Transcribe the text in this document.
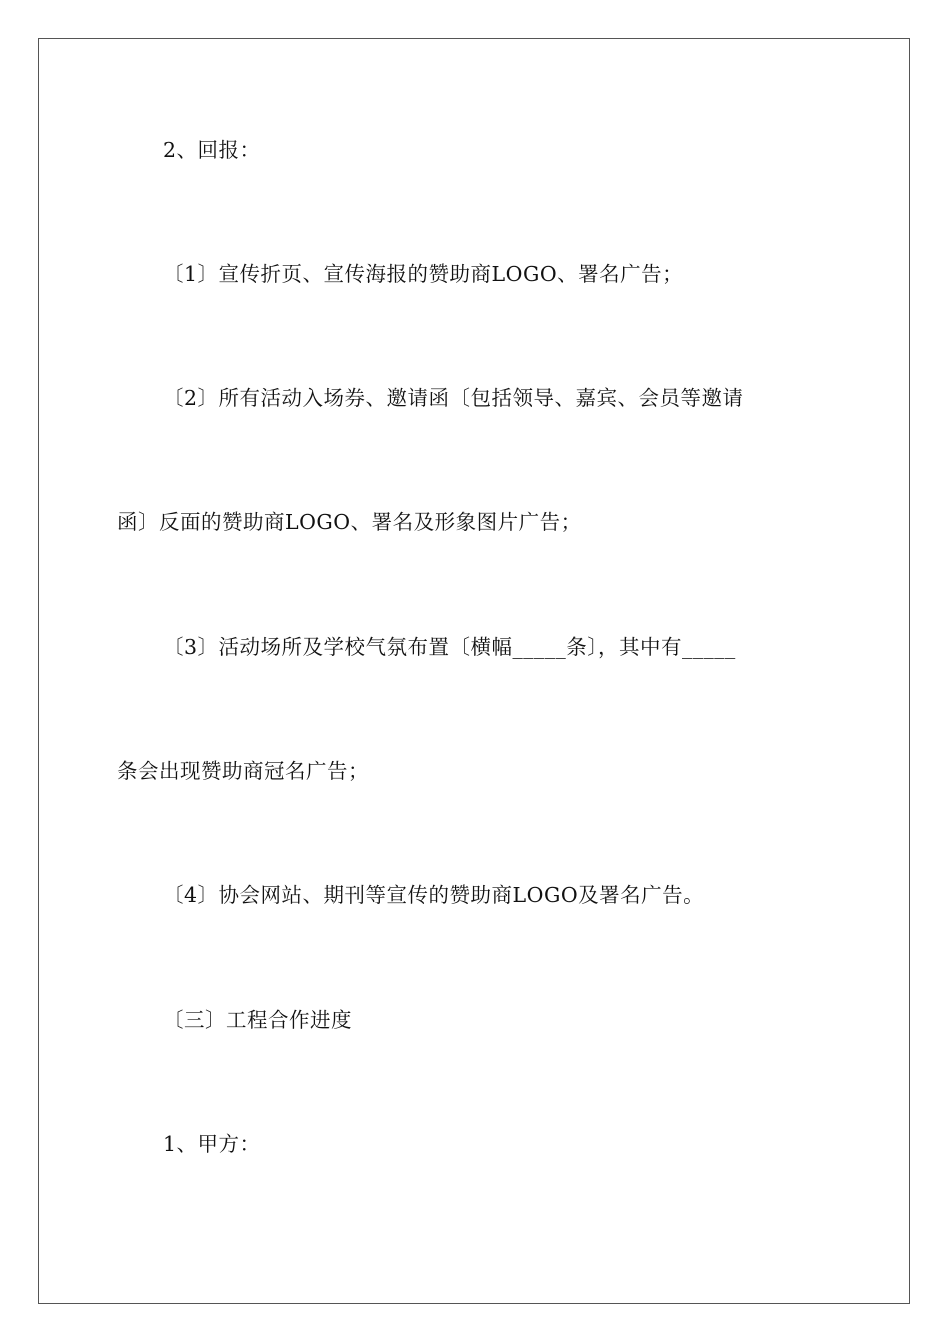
2、回报：
〔1〕宣传折页、宣传海报的赞助商LOGO、署名广告；
〔2〕所有活动入场券、邀请函〔包括领导、嘉宾、会员等邀请
函〕反面的赞助商LOGO、署名及形象图片广告；
〔3〕活动场所及学校气氛布置〔横幅_____条〕，其中有_____
条会出现赞助商冠名广告；
〔4〕协会网站、期刊等宣传的赞助商LOGO及署名广告。
〔三〕工程合作进度
1、甲方：
